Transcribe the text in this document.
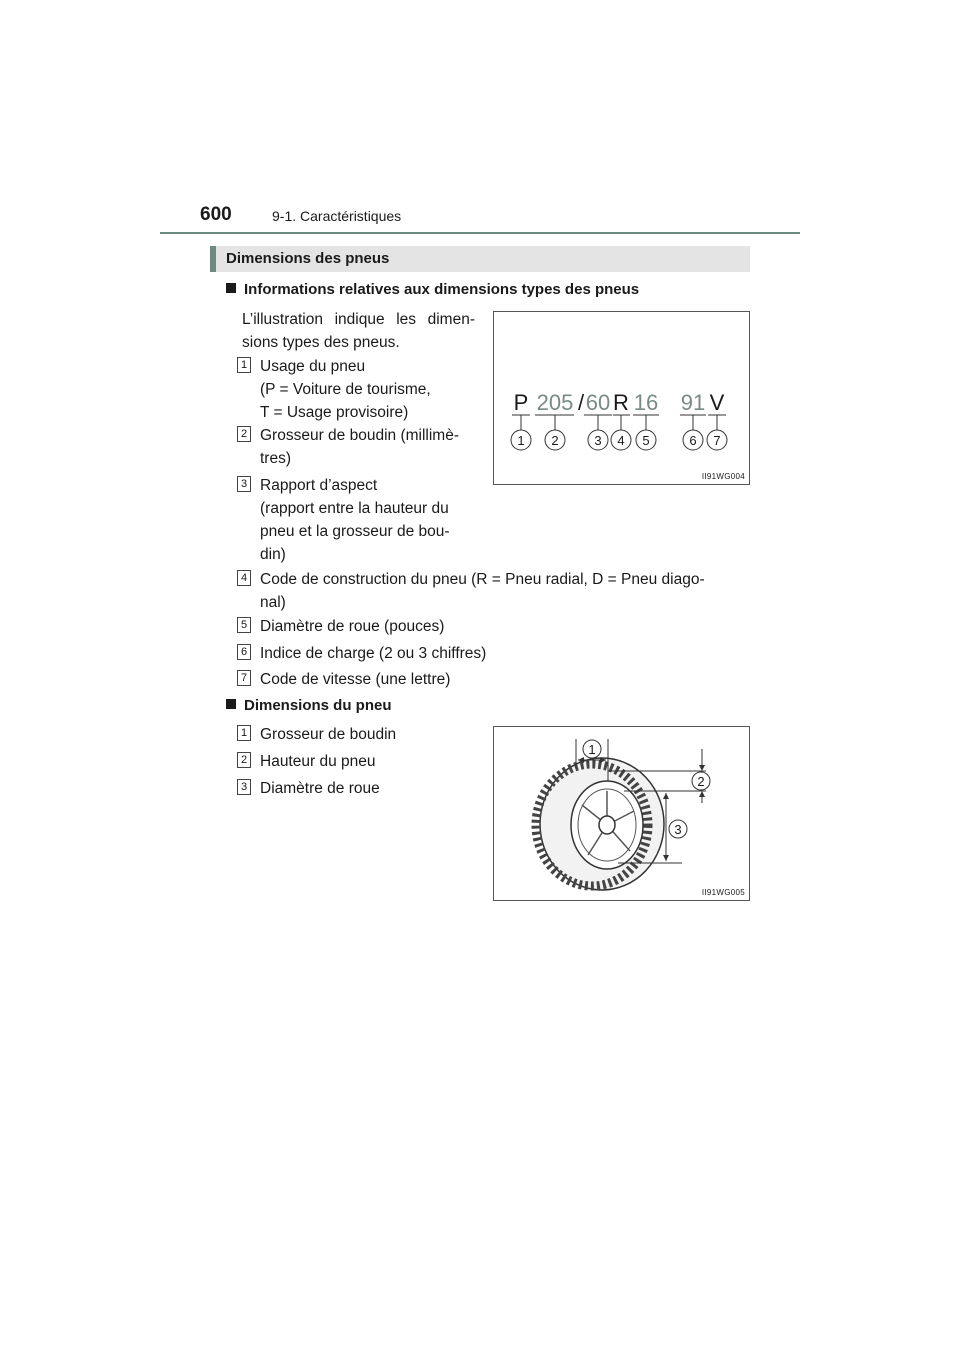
600	9-1. Caractéristiques
Dimensions des pneus
Informations relatives aux dimensions types des pneus
L’illustration indique les dimen-sions types des pneus.
1 Usage du pneu
(P = Voiture de tourisme,
T = Usage provisoire)
2 Grosseur de boudin (millimè-
tres)
3 Rapport d’aspect
(rapport entre la hauteur du
pneu et la grosseur de bou-
din)
4 Code de construction du pneu (R = Pneu radial, D = Pneu diago-
nal)
5 Diamètre de roue (pouces)
6 Indice de charge (2 ou 3 chiffres)
7 Code de vitesse (une lettre)
P 205 / 60 R 16 91 V
1 2	3 4 5	6 7
II91WG004
Dimensions du pneu
1 Grosseur de boudin
2 Hauteur du pneu
3 Diamètre de roue
1
2
3
II91WG005
